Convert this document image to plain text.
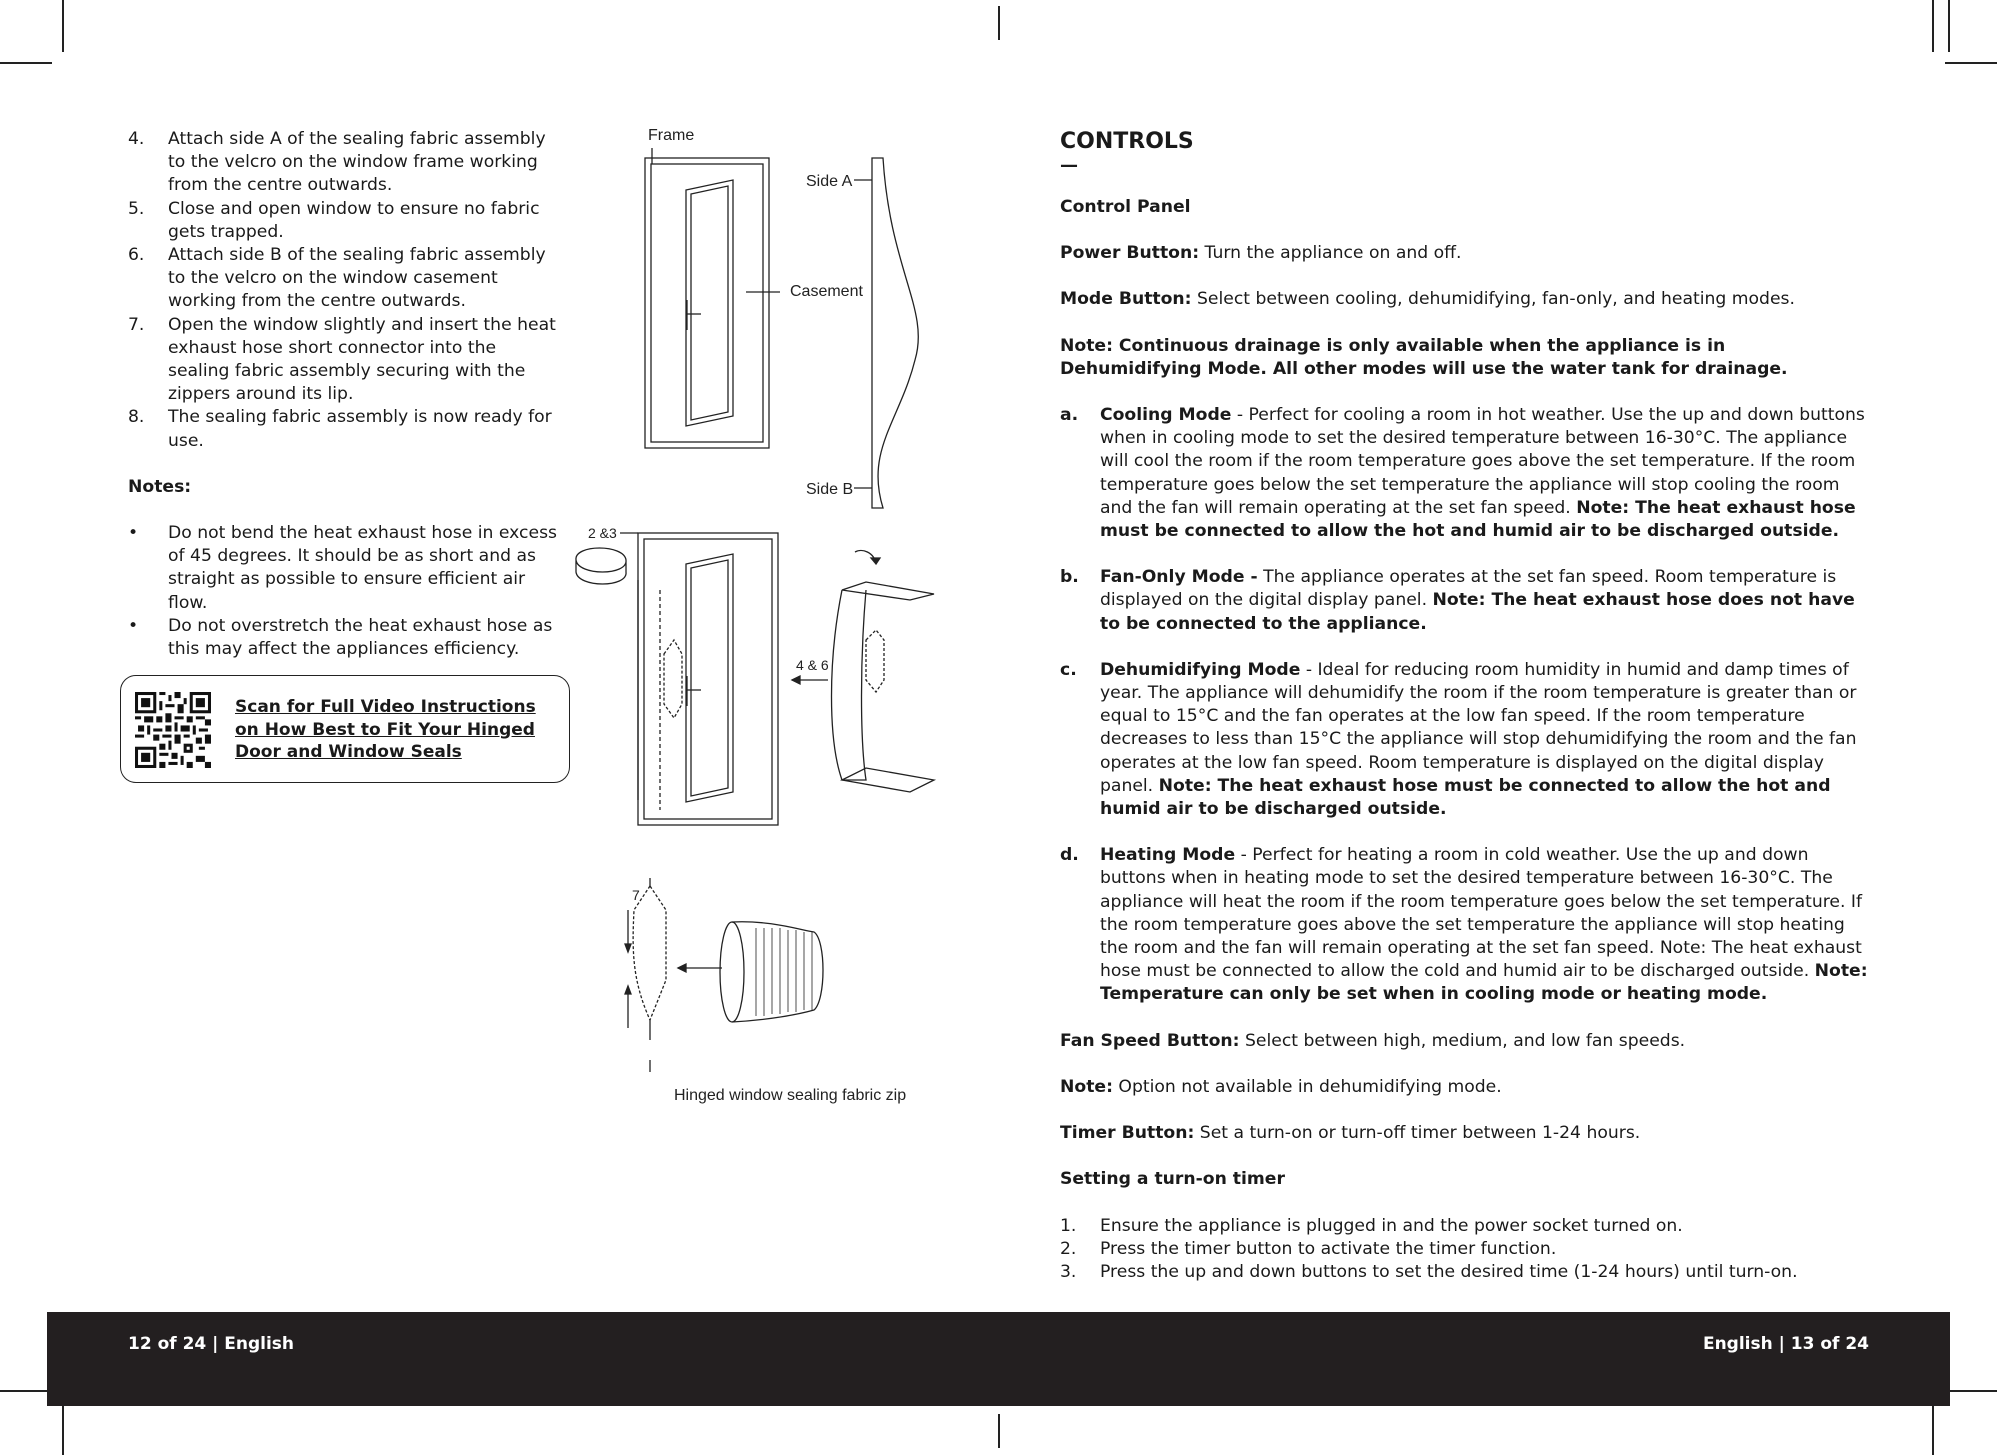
4.	Attach side A of the sealing fabric assembly to the velcro on the window frame working from the centre outwards.
5.	Close and open window to ensure no fabric gets trapped.
6.	Attach side B of the sealing fabric assembly to the velcro on the window casement working from the centre outwards.
7.	Open the window slightly and insert the heat exhaust hose short connector into the sealing fabric assembly securing with the zippers around its lip.
8.	The sealing fabric assembly is now ready for use.
Notes:
•	Do not bend the heat exhaust hose in excess of 45 degrees. It should be as short and as straight as possible to ensure efficient air flow.
•	Do not overstretch the heat exhaust hose as this may affect the appliances efficiency.
Scan for Full Video Instructions on How Best to Fit Your Hinged Door and Window Seals
Frame
Side A
Casement
Side B
2 &3
4 & 6
7
Hinged window sealing fabric zip
CONTROLS
—
Control Panel
Power Button: Turn the appliance on and off.
Mode Button: Select between cooling, dehumidifying, fan-only, and heating modes.
Note: Continuous drainage is only available when the appliance is in Dehumidifying Mode. All other modes will use the water tank for drainage.
a.	Cooling Mode - Perfect for cooling a room in hot weather. Use the up and down buttons when in cooling mode to set the desired temperature between 16-30°C. The appliance will cool the room if the room temperature goes above the set temperature. If the room temperature goes below the set temperature the appliance will stop cooling the room and the fan will remain operating at the set fan speed. Note: The heat exhaust hose must be connected to allow the hot and humid air to be discharged outside.
b.	Fan-Only Mode - The appliance operates at the set fan speed. Room temperature is displayed on the digital display panel. Note: The heat exhaust hose does not have to be connected to the appliance.
c.	Dehumidifying Mode - Ideal for reducing room humidity in humid and damp times of year. The appliance will dehumidify the room if the room temperature is greater than or equal to 15°C and the fan operates at the low fan speed. If the room temperature decreases to less than 15°C the appliance will stop dehumidifying the room and the fan operates at the low fan speed. Room temperature is displayed on the digital display panel. Note: The heat exhaust hose must be connected to allow the hot and humid air to be discharged outside.
d.	Heating Mode - Perfect for heating a room in cold weather. Use the up and down buttons when in heating mode to set the desired temperature between 16-30°C. The appliance will heat the room if the room temperature goes below the set temperature. If the room temperature goes above the set temperature the appliance will stop heating the room and the fan will remain operating at the set fan speed. Note: The heat exhaust hose must be connected to allow the cold and humid air to be discharged outside. Note: Temperature can only be set when in cooling mode or heating mode.
Fan Speed Button: Select between high, medium, and low fan speeds.
Note: Option not available in dehumidifying mode.
Timer Button: Set a turn-on or turn-off timer between 1-24 hours.
Setting a turn-on timer
1.	Ensure the appliance is plugged in and the power socket turned on.
2.	Press the timer button to activate the timer function.
3.	Press the up and down buttons to set the desired time (1-24 hours) until turn-on.
12 of 24 | English	English | 13 of 24
